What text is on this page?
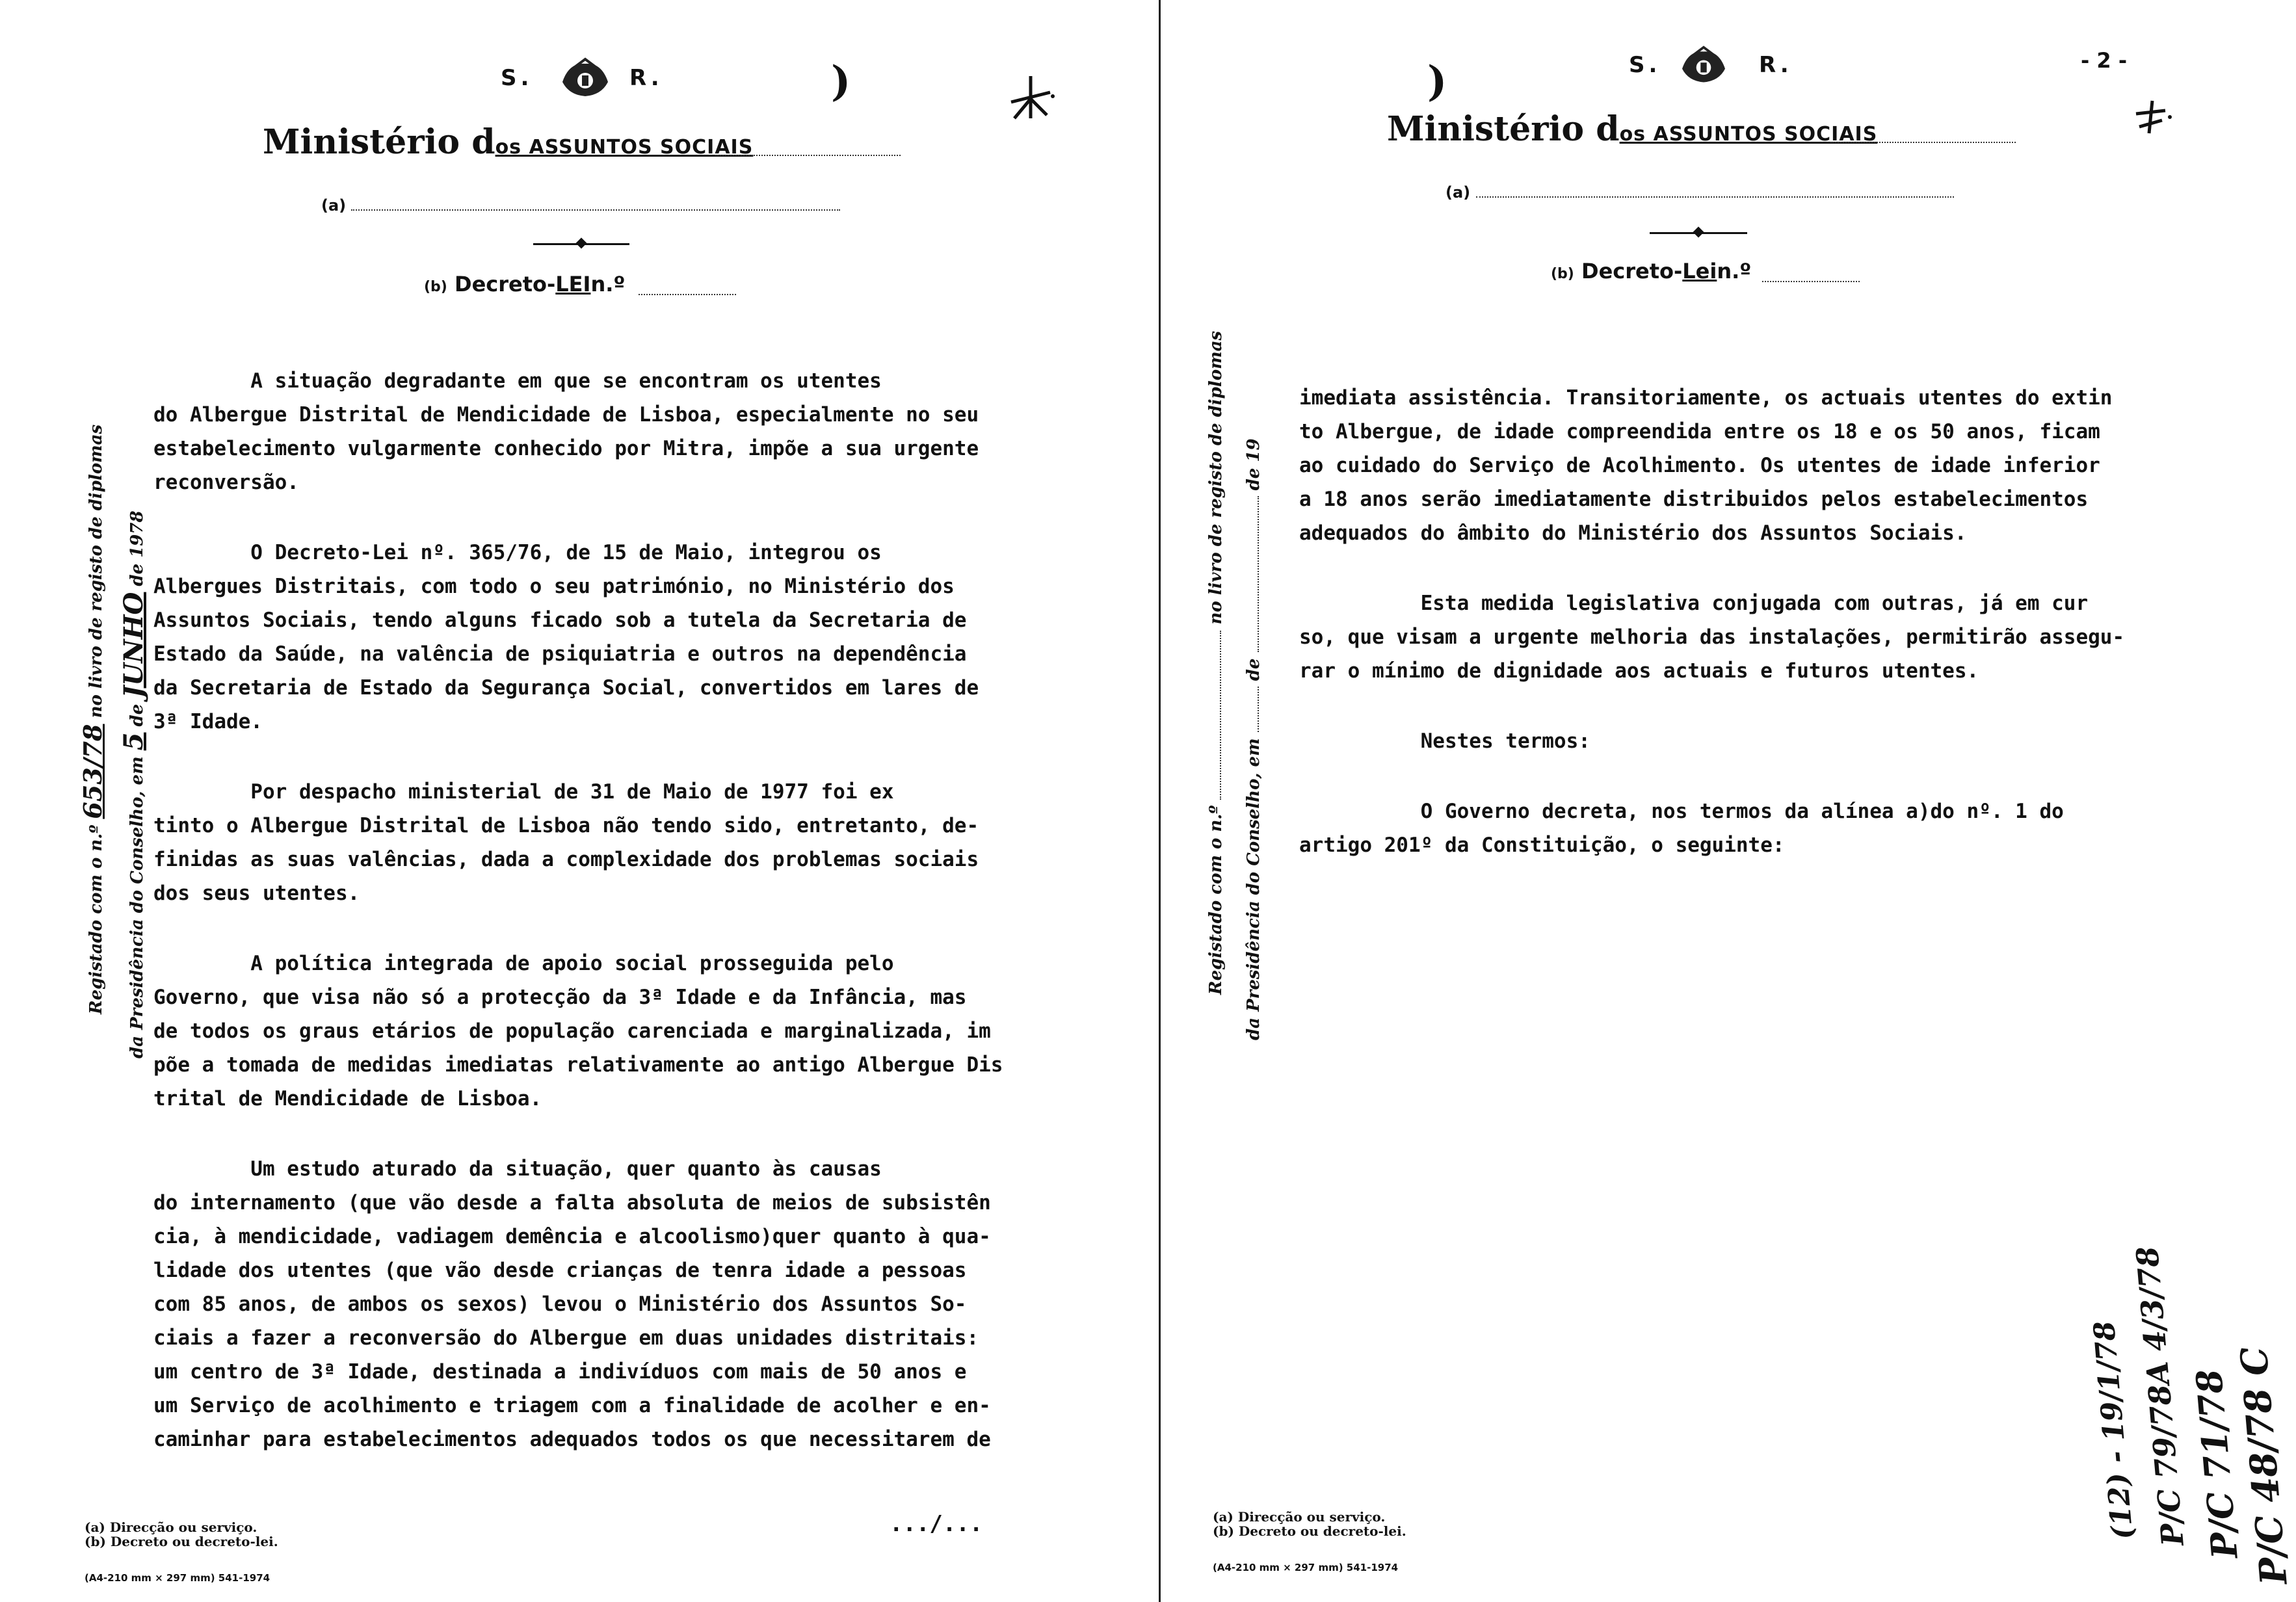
S.	R.	)
Ministério dos ASSUNTOS SOCIAIS
(a)
(b) Decreto-LEIn.º
Registado com o n.º 653/78 no livro de registo de diplomas
da Presidência do Conselho, em 5 de JUNHO de 1978

A situação degradante em que se encontram os utentes

do Albergue Distrital de Mendicidade de Lisboa, especialmente no seu

estabelecimento vulgarmente conhecido por Mitra, impõe a sua urgente

reconversão.

O Decreto-Lei nº. 365/76, de 15 de Maio, integrou os

Albergues Distritais, com todo o seu património, no Ministério dos

Assuntos Sociais, tendo alguns ficado sob a tutela da Secretaria de

Estado da Saúde, na valência de psiquiatria e outros na dependência

da Secretaria de Estado da Segurança Social, convertidos em lares de

3ª Idade.

Por despacho ministerial de 31 de Maio de 1977 foi ex

tinto o Albergue Distrital de Lisboa não tendo sido, entretanto, de-

finidas as suas valências, dada a complexidade dos problemas sociais

dos seus utentes.

A política integrada de apoio social prosseguida pelo

Governo, que visa não só a protecção da 3ª Idade e da Infância, mas

de todos os graus etários de população carenciada e marginalizada, im

põe a tomada de medidas imediatas relativamente ao antigo Albergue Dis

trital de Mendicidade de Lisboa.

Um estudo aturado da situação, quer quanto às causas

do internamento (que vão desde a falta absoluta de meios de subsistên

cia, à mendicidade, vadiagem demência e alcoolismo)quer quanto à qua-

lidade dos utentes (que vão desde crianças de tenra idade a pessoas

com 85 anos, de ambos os sexos) levou o Ministério dos Assuntos So-

ciais a fazer a reconversão do Albergue em duas unidades distritais:

um centro de 3ª Idade, destinada a indivíduos com mais de 50 anos e

um Serviço de acolhimento e triagem com a finalidade de acolher e en-

caminhar para estabelecimentos adequados todos os que necessitarem de

.../...
(a) Direcção ou serviço.
(b) Decreto ou decreto-lei.
(A4-210 mm × 297 mm) 541-1974
)	S.	R.	- 2 -
Ministério dos ASSUNTOS SOCIAIS
(a)
(b) Decreto-Lein.º
Registado com o n.º  no livro de registo de diplomas
da Presidência do Conselho, em  de  de 19

imediata assistência. Transitoriamente, os actuais utentes do extin

to Albergue, de idade compreendida entre os 18 e os 50 anos, ficam

ao cuidado do Serviço de Acolhimento. Os utentes de idade inferior

a 18 anos serão imediatamente distribuidos pelos estabelecimentos

adequados do âmbito do Ministério dos Assuntos Sociais.

Esta medida legislativa conjugada com outras, já em cur

so, que visam a urgente melhoria das instalações, permitirão assegu-

rar o mínimo de dignidade aos actuais e futuros utentes.

Nestes termos:

O Governo decreta, nos termos da alínea a)do nº. 1 do

artigo 201º da Constituição, o seguinte:

(a) Direcção ou serviço.
(b) Decreto ou decreto-lei.
(A4-210 mm × 297 mm) 541-1974	P/C 48/78 C
P/C 71/78
P/C 79/78A 4/3/78
(12) - 19/1/78
